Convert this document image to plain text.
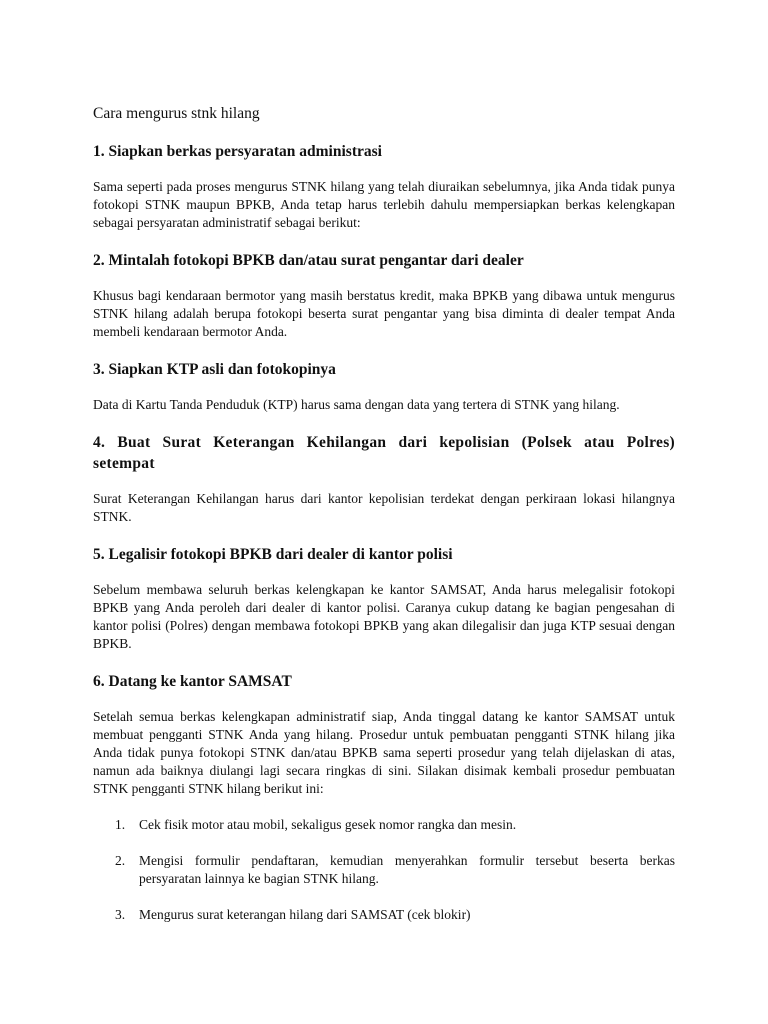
Cara mengurus stnk hilang
1. Siapkan berkas persyaratan administrasi

Sama seperti pada proses mengurus STNK hilang yang telah diuraikan sebelumnya, jika Anda tidak punya fotokopi STNK maupun BPKB, Anda tetap harus terlebih dahulu mempersiapkan berkas kelengkapan sebagai persyaratan administratif sebagai berikut:

2. Mintalah fotokopi BPKB dan/atau surat pengantar dari dealer

Khusus bagi kendaraan bermotor yang masih berstatus kredit, maka BPKB yang dibawa untuk mengurus STNK hilang adalah berupa fotokopi beserta surat pengantar yang bisa diminta di dealer tempat Anda membeli kendaraan bermotor Anda.

3. Siapkan KTP asli dan fotokopinya

Data di Kartu Tanda Penduduk (KTP) harus sama dengan data yang tertera di STNK yang hilang.

4. Buat Surat Keterangan Kehilangan dari kepolisian (Polsek atau Polres) setempat

Surat Keterangan Kehilangan harus dari kantor kepolisian terdekat dengan perkiraan lokasi hilangnya STNK.

5. Legalisir fotokopi BPKB dari dealer di kantor polisi

Sebelum membawa seluruh berkas kelengkapan ke kantor SAMSAT, Anda harus melegalisir fotokopi BPKB yang Anda peroleh dari dealer di kantor polisi. Caranya cukup datang ke bagian pengesahan di kantor polisi (Polres) dengan membawa fotokopi BPKB yang akan dilegalisir dan juga KTP sesuai dengan BPKB.

6. Datang ke kantor SAMSAT

Setelah semua berkas kelengkapan administratif siap, Anda tinggal datang ke kantor SAMSAT untuk membuat pengganti STNK Anda yang hilang. Prosedur untuk pembuatan pengganti STNK hilang jika Anda tidak punya fotokopi STNK dan/atau BPKB sama seperti prosedur yang telah dijelaskan di atas, namun ada baiknya diulangi lagi secara ringkas di sini. Silakan disimak kembali prosedur pembuatan STNK pengganti STNK hilang berikut ini:

1. Cek fisik motor atau mobil, sekaligus gesek nomor rangka dan mesin.
2. Mengisi formulir pendaftaran, kemudian menyerahkan formulir tersebut beserta berkas persyaratan lainnya ke bagian STNK hilang.
3. Mengurus surat keterangan hilang dari SAMSAT (cek blokir)
